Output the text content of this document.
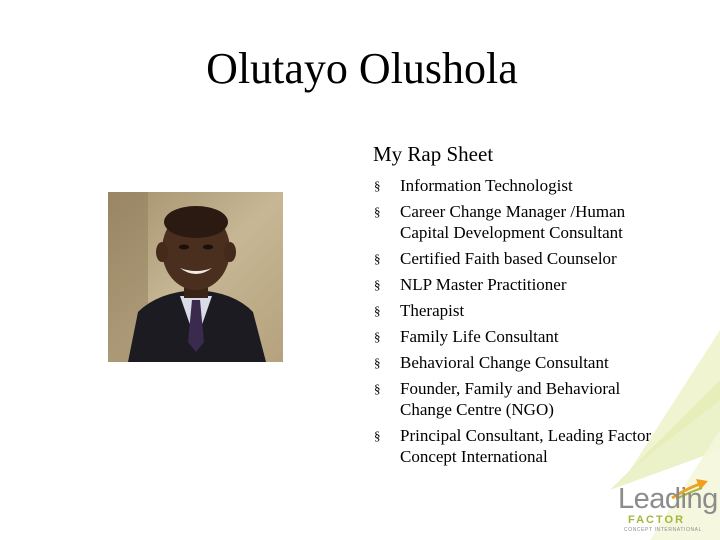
Olutayo Olushola
My Rap Sheet
§ Information Technologist
§ Career Change Manager /Human Capital Development Consultant
§ Certified Faith based Counselor
§ NLP Master Practitioner
§ Therapist
§ Family Life Consultant
§ Behavioral Change Consultant
§ Founder, Family and Behavioral Change Centre (NGO)
§ Principal Consultant, Leading Factor Concept International
Leading
FACTOR
CONCEPT INTERNATIONAL
